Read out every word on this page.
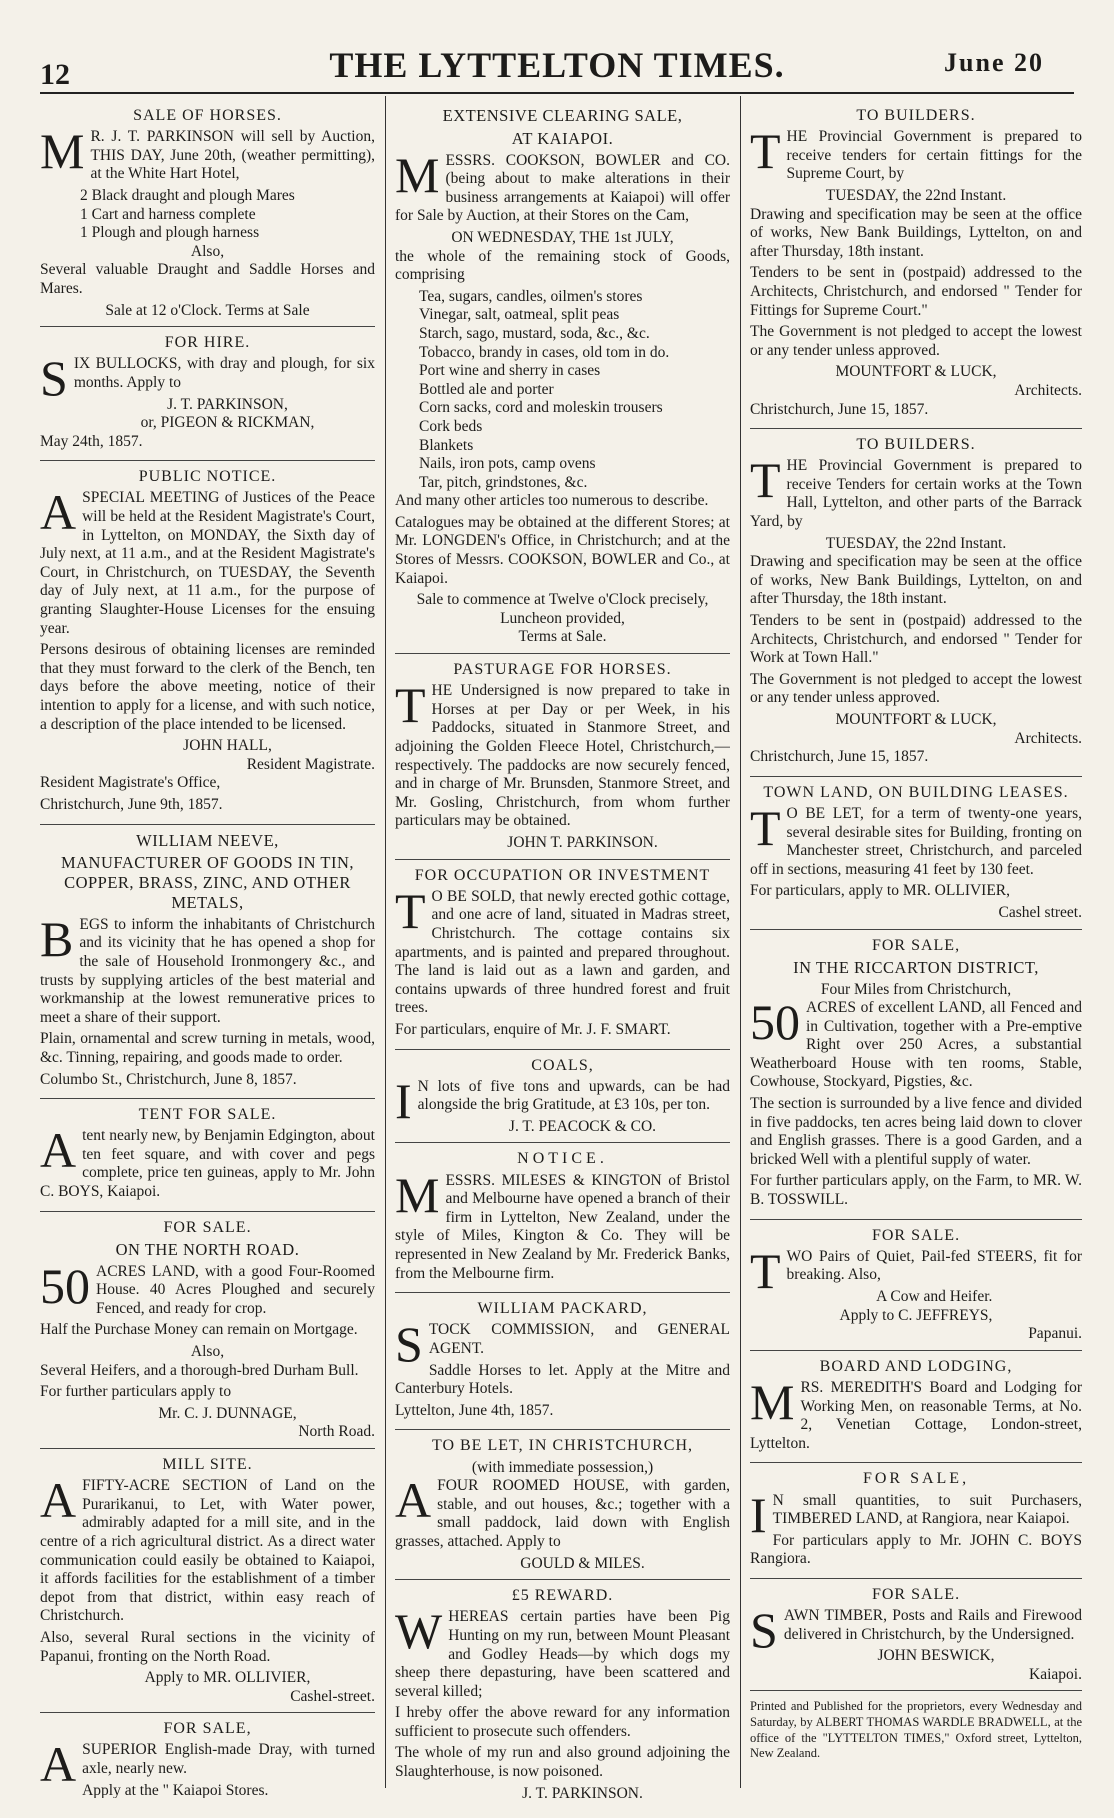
12	THE LYTTELTON TIMES.	June 20
SALE OF HORSES.

M R. J. T. PARKINSON will sell by Auction, THIS DAY, June 20th, (weather permitting), at the White Hart Hotel,

2 Black draught and plough Mares

1 Cart and harness complete

1 Plough and plough harness

Also,

Several valuable Draught and Saddle Horses and Mares.

Sale at 12 o'Clock. Terms at Sale

FOR HIRE.

SIX BULLOCKS, with dray and plough, for six months. Apply to

J. T. PARKINSON,

or, PIGEON & RICKMAN,

May 24th, 1857.

PUBLIC NOTICE.

ASPECIAL MEETING of Justices of the Peace will be held at the Resident Magistrate's Court, in Lyttelton, on MONDAY, the Sixth day of July next, at 11 a.m., and at the Resident Magistrate's Court, in Christchurch, on TUESDAY, the Seventh day of July next, at 11 a.m., for the purpose of granting Slaughter-House Licenses for the ensuing year.

Persons desirous of obtaining licenses are reminded that they must forward to the clerk of the Bench, ten days before the above meeting, notice of their intention to apply for a license, and with such notice, a description of the place intended to be licensed.

JOHN HALL,

Resident Magistrate.

Resident Magistrate's Office,

Christchurch, June 9th, 1857.

WILLIAM NEEVE,
MANUFACTURER OF GOODS IN TIN, COPPER, BRASS, ZINC, AND OTHER METALS,

BEGS to inform the inhabitants of Christchurch and its vicinity that he has opened a shop for the sale of Household Ironmongery &c., and trusts by supplying articles of the best material and workmanship at the lowest remunerative prices to meet a share of their support.

Plain, ornamental and screw turning in metals, wood, &c. Tinning, repairing, and goods made to order.

Columbo St., Christchurch, June 8, 1857.

TENT FOR SALE.

Atent nearly new, by Benjamin Edgington, about ten feet square, and with cover and pegs complete, price ten guineas, apply to Mr. John C. BOYS, Kaiapoi.

FOR SALE.
ON THE NORTH ROAD.

50 ACRES LAND, with a good Four-Roomed House. 40 Acres Ploughed and securely Fenced, and ready for crop.

Half the Purchase Money can remain on Mortgage.

Also,

Several Heifers, and a thorough-bred Durham Bull.

For further particulars apply to

Mr. C. J. DUNNAGE,

North Road.

MILL SITE.

AFIFTY-ACRE SECTION of Land on the Purarikanui, to Let, with Water power, admirably adapted for a mill site, and in the centre of a rich agricultural district. As a direct water communication could easily be obtained to Kaiapoi, it affords facilities for the establishment of a timber depot from that district, within easy reach of Christchurch.

Also, several Rural sections in the vicinity of Papanui, fronting on the North Road.

Apply to MR. OLLIVIER,

Cashel-street.

FOR SALE,

ASUPERIOR English-made Dray, with turned axle, nearly new.

Apply at the " Kaiapoi Stores.

EXTENSIVE CLEARING SALE,
AT KAIAPOI.

MESSRS. COOKSON, BOWLER and CO. (being about to make alterations in their business arrangements at Kaiapoi) will offer for Sale by Auction, at their Stores on the Cam,

ON WEDNESDAY, THE 1st JULY,

the whole of the remaining stock of Goods, comprising

Tea, sugars, candles, oilmen's stores

Vinegar, salt, oatmeal, split peas

Starch, sago, mustard, soda, &c., &c.

Tobacco, brandy in cases, old tom in do.

Port wine and sherry in cases

Bottled ale and porter

Corn sacks, cord and moleskin trousers

Cork beds

Blankets

Nails, iron pots, camp ovens

Tar, pitch, grindstones, &c.

And many other articles too numerous to describe.

Catalogues may be obtained at the different Stores; at Mr. LONGDEN's Office, in Christchurch; and at the Stores of Messrs. COOKSON, BOWLER and Co., at Kaiapoi.

Sale to commence at Twelve o'Clock precisely,

Luncheon provided,

Terms at Sale.

PASTURAGE FOR HORSES.

THE Undersigned is now prepared to take in Horses at per Day or per Week, in his Paddocks, situated in Stanmore Street, and adjoining the Golden Fleece Hotel, Christchurch,—respectively. The paddocks are now securely fenced, and in charge of Mr. Brunsden, Stanmore Street, and Mr. Gosling, Christchurch, from whom further particulars may be obtained.

JOHN T. PARKINSON.

FOR OCCUPATION OR INVESTMENT

T O BE SOLD, that newly erected gothic cottage, and one acre of land, situated in Madras street, Christchurch. The cottage contains six apartments, and is painted and prepared throughout. The land is laid out as a lawn and garden, and contains upwards of three hundred forest and fruit trees.

For particulars, enquire of Mr. J. F. SMART.

COALS,

I N lots of five tons and upwards, can be had alongside the brig Gratitude, at £3 10s, per ton.

J. T. PEACOCK & CO.

NOTICE.

MESSRS. MILESES & KINGTON of Bristol and Melbourne have opened a branch of their firm in Lyttelton, New Zealand, under the style of Miles, Kington & Co. They will be represented in New Zealand by Mr. Frederick Banks, from the Melbourne firm.

WILLIAM PACKARD,

STOCK COMMISSION, and GENERAL AGENT.

Saddle Horses to let. Apply at the Mitre and Canterbury Hotels.

Lyttelton, June 4th, 1857.

TO BE LET, IN CHRISTCHURCH,

(with immediate possession,)

AFOUR ROOMED HOUSE, with garden, stable, and out houses, &c.; together with a small paddock, laid down with English grasses, attached. Apply to

GOULD & MILES.

£5 REWARD.

WHEREAS certain parties have been Pig Hunting on my run, between Mount Pleasant and Godley Heads—by which dogs my sheep there depasturing, have been scattered and several killed;

I hreby offer the above reward for any information sufficient to prosecute such offenders.

The whole of my run and also ground adjoining the Slaughterhouse, is now poisoned.

J. T. PARKINSON.

TO BUILDERS.

THE Provincial Government is prepared to receive tenders for certain fittings for the Supreme Court, by

TUESDAY, the 22nd Instant.

Drawing and specification may be seen at the office of works, New Bank Buildings, Lyttelton, on and after Thursday, 18th instant.

Tenders to be sent in (postpaid) addressed to the Architects, Christchurch, and endorsed " Tender for Fittings for Supreme Court."

The Government is not pledged to accept the lowest or any tender unless approved.

MOUNTFORT & LUCK,

Architects.

Christchurch, June 15, 1857.

TO BUILDERS.

THE Provincial Government is prepared to receive Tenders for certain works at the Town Hall, Lyttelton, and other parts of the Barrack Yard, by

TUESDAY, the 22nd Instant.

Drawing and specification may be seen at the office of works, New Bank Buildings, Lyttelton, on and after Thursday, the 18th instant.

Tenders to be sent in (postpaid) addressed to the Architects, Christchurch, and endorsed " Tender for Work at Town Hall."

The Government is not pledged to accept the lowest or any tender unless approved.

MOUNTFORT & LUCK,

Architects.

Christchurch, June 15, 1857.

TOWN LAND, ON BUILDING LEASES.

T O BE LET, for a term of twenty-one years, several desirable sites for Building, fronting on Manchester street, Christchurch, and parceled off in sections, measuring 41 feet by 130 feet.

For particulars, apply to MR. OLLIVIER,

Cashel street.

FOR SALE,
IN THE RICCARTON DISTRICT,

Four Miles from Christchurch,

50 ACRES of excellent LAND, all Fenced and in Cultivation, together with a Pre-emptive Right over 250 Acres, a substantial Weatherboard House with ten rooms, Stable, Cowhouse, Stockyard, Pigsties, &c.

The section is surrounded by a live fence and divided in five paddocks, ten acres being laid down to clover and English grasses. There is a good Garden, and a bricked Well with a plentiful supply of water.

For further particulars apply, on the Farm, to MR. W. B. TOSSWILL.

FOR SALE.

TWO Pairs of Quiet, Pail-fed STEERS, fit for breaking. Also,

A Cow and Heifer.

Apply to C. JEFFREYS,

Papanui.

BOARD AND LODGING,

MRS. MEREDITH'S Board and Lodging for Working Men, on reasonable Terms, at No. 2, Venetian Cottage, London-street, Lyttelton.

FOR SALE,

I N small quantities, to suit Purchasers, TIMBERED LAND, at Rangiora, near Kaiapoi.

For particulars apply to Mr. JOHN C. BOYS Rangiora.

FOR SALE.

SAWN TIMBER, Posts and Rails and Firewood delivered in Christchurch, by the Undersigned.

JOHN BESWICK,

Kaiapoi.

Printed and Published for the proprietors, every Wednesday and Saturday, by ALBERT THOMAS WARDLE BRADWELL, at the office of the "LYTTELTON TIMES," Oxford street, Lyttelton, New Zealand.
